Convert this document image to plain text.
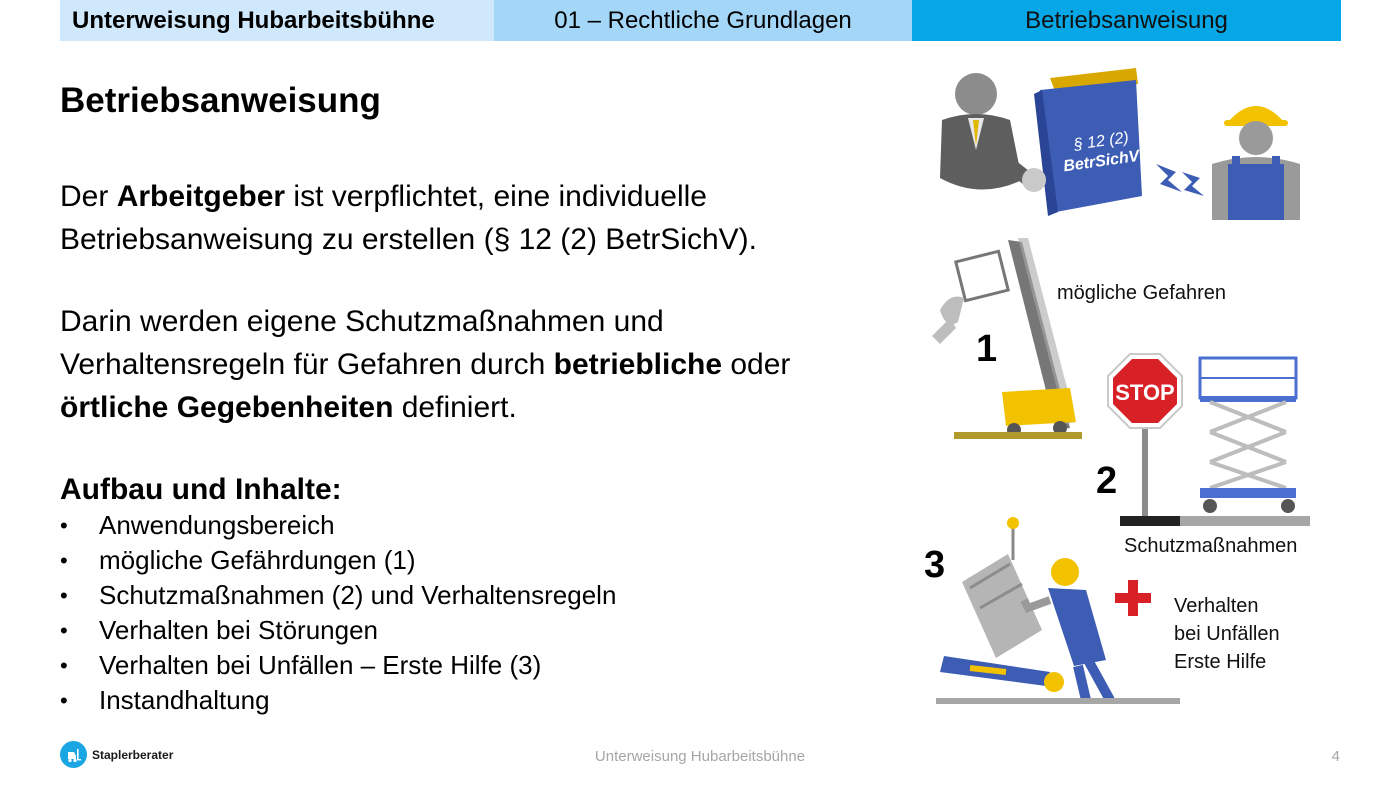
Unterweisung Hubarbeitsbühne	01 – Rechtliche Grundlagen	Betriebsanweisung
Betriebsanweisung

Der Arbeitgeber ist verpflichtet, eine individuelle Betriebsanweisung zu erstellen (§ 12 (2) BetrSichV).

Darin werden eigene Schutzmaßnahmen und Verhaltensregeln für Gefahren durch betriebliche oder örtliche Gegebenheiten definiert.

Aufbau und Inhalte:
•	Anwendungsbereich
•	mögliche Gefährdungen (1)
•	Schutzmaßnahmen (2) und Verhaltensregeln
•	Verhalten bei Störungen
•	Verhalten bei Unfällen – Erste Hilfe (3)
•	Instandhaltung
§ 12 (2)
BetrSichV
STOP
1
2
3
mögliche Gefahren
Schutzmaßnahmen
Verhalten
bei Unfällen
Erste Hilfe
Staplerberater	Unterweisung Hubarbeitsbühne	4
